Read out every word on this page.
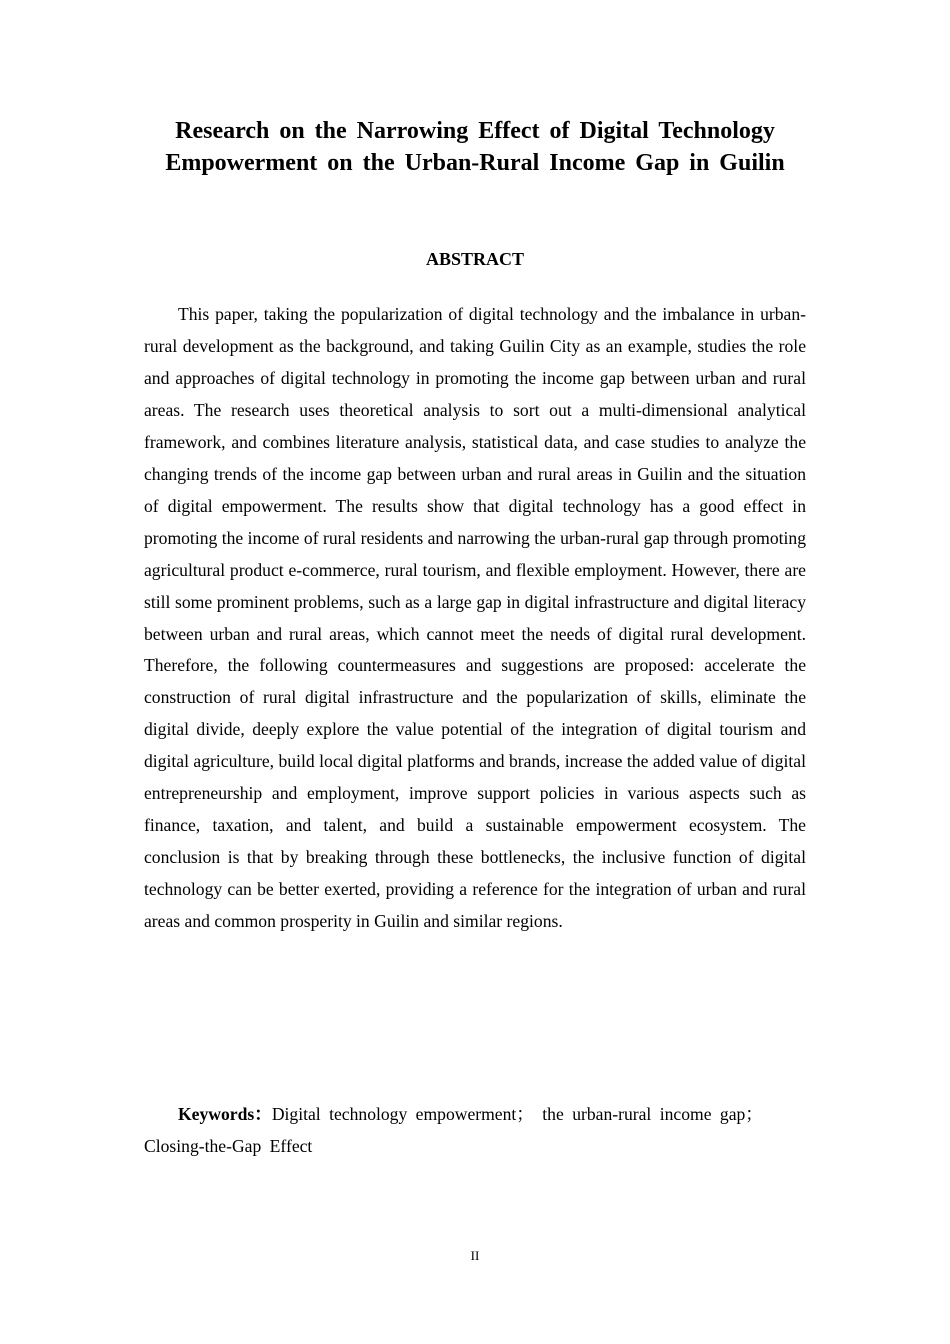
Research on the Narrowing Effect of Digital Technology Empowerment on the Urban-Rural Income Gap in Guilin
ABSTRACT

This paper, taking the popularization of digital technology and the imbalance in urban-rural development as the background, and taking Guilin City as an example, studies the role and approaches of digital technology in promoting the income gap between urban and rural areas. The research uses theoretical analysis to sort out a multi-dimensional analytical framework, and combines literature analysis, statistical data, and case studies to analyze the changing trends of the income gap between urban and rural areas in Guilin and the situation of digital empowerment. The results show that digital technology has a good effect in promoting the income of rural residents and narrowing the urban-rural gap through promoting agricultural product e-commerce, rural tourism, and flexible employment. However, there are still some prominent problems, such as a large gap in digital infrastructure and digital literacy between urban and rural areas, which cannot meet the needs of digital rural development. Therefore, the following countermeasures and suggestions are proposed: accelerate the construction of rural digital infrastructure and the popularization of skills, eliminate the digital divide, deeply explore the value potential of the integration of digital tourism and digital agriculture, build local digital platforms and brands, increase the added value of digital entrepreneurship and employment, improve support policies in various aspects such as finance, taxation, and talent, and build a sustainable empowerment ecosystem. The conclusion is that by breaking through these bottlenecks, the inclusive function of digital technology can be better exerted, providing a reference for the integration of urban and rural areas and common prosperity in Guilin and similar regions.

Keywords：Digital technology empowerment； the urban-rural income gap；Closing-the-Gap Effect

II
